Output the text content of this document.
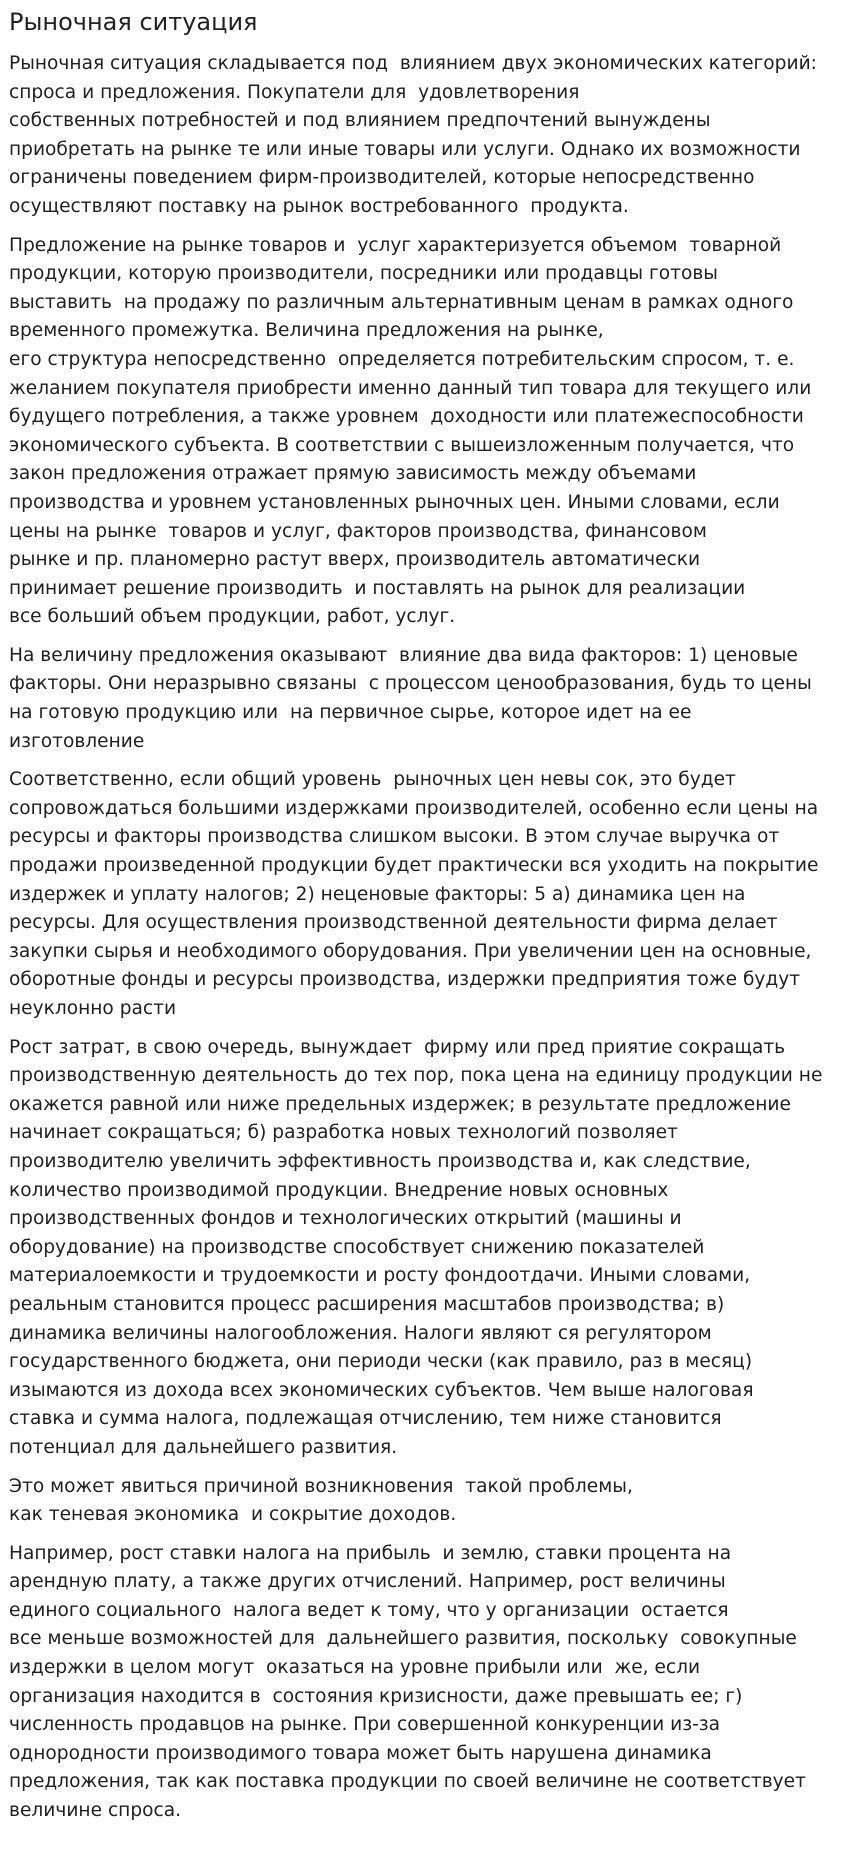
Рыночная ситуация

Рыночная ситуация складывается под  влиянием двух экономических категорий:
спроса и предложения. Покупатели для  удовлетворения
собственных потребностей и под влиянием предпочтений вынуждены
приобретать на рынке те или иные товары или услуги. Однако их возможности
ограничены поведением фирм-производителей, которые непосредственно
осуществляют поставку на рынок востребованного  продукта.

Предложение на рынке товаров и  услуг характеризуется объемом  товарной
продукции, которую производители, посредники или продавцы готовы
выставить  на продажу по различным альтернативным ценам в рамках одного
временного промежутка. Величина предложения на рынке,
его структура непосредственно  определяется потребительским спросом, т. е.
желанием покупателя приобрести именно данный тип товара для текущего или
будущего потребления, а также уровнем  доходности или платежеспособности
экономического субъекта. В соответствии с вышеизложенным получается, что
закон предложения отражает прямую зависимость между объемами
производства и уровнем установленных рыночных цен. Иными словами, если
цены на рынке  товаров и услуг, факторов производства, финансовом
рынке и пр. планомерно растут вверх, производитель автоматически
принимает решение производить  и поставлять на рынок для реализации
все больший объем продукции, работ, услуг.

На величину предложения оказывают  влияние два вида факторов: 1) ценовые
факторы. Они неразрывно связаны  с процессом ценообразования, будь то цены
на готовую продукцию или  на первичное сырье, которое идет на ее
изготовление

Соответственно, если общий уровень  рыночных цен невы сок, это будет
сопровождаться большими издержками производителей, особенно если цены на
ресурсы и факторы производства слишком высоки. В этом случае выручка от
продажи произведенной продукции будет практически вся уходить на покрытие
издержек и уплату налогов; 2) неценовые факторы: 5 а) динамика цен на
ресурсы. Для осуществления производственной деятельности фирма делает
закупки сырья и необходимого оборудования. При увеличении цен на основные,
оборотные фонды и ресурсы производства, издержки предприятия тоже будут
неуклонно расти

Рост затрат, в свою очередь, вынуждает  фирму или пред приятие сокращать
производственную деятельность до тех пор, пока цена на единицу продукции не
окажется равной или ниже предельных издержек; в результате предложение
начинает сокращаться; б) разработка новых технологий позволяет
производителю увеличить эффективность производства и, как следствие,
количество производимой продукции. Внедрение новых основных
производственных фондов и технологических открытий (машины и
оборудование) на производстве способствует снижению показателей
материалоемкости и трудоемкости и росту фондоотдачи. Иными словами,
реальным становится процесс расширения масштабов производства; в)
динамика величины налогообложения. Налоги являют ся регулятором
государственного бюджета, они периоди чески (как правило, раз в месяц)
изымаются из дохода всех экономических субъектов. Чем выше налоговая
ставка и сумма налога, подлежащая отчислению, тем ниже становится
потенциал для дальнейшего развития.

Это может явиться причиной возникновения  такой проблемы,
как теневая экономика  и сокрытие доходов.

Например, рост ставки налога на прибыль  и землю, ставки процента на
арендную плату, а также других отчислений. Например, рост величины
единого социального  налога ведет к тому, что у организации  остается
все меньше возможностей для  дальнейшего развития, поскольку  совокупные
издержки в целом могут  оказаться на уровне прибыли или  же, если
организация находится в  состояния кризисности, даже превышать ее; г)
численность продавцов на рынке. При совершенной конкуренции из-за
однородности производимого товара может быть нарушена динамика
предложения, так как поставка продукции по своей величине не соответствует
величине спроса.
